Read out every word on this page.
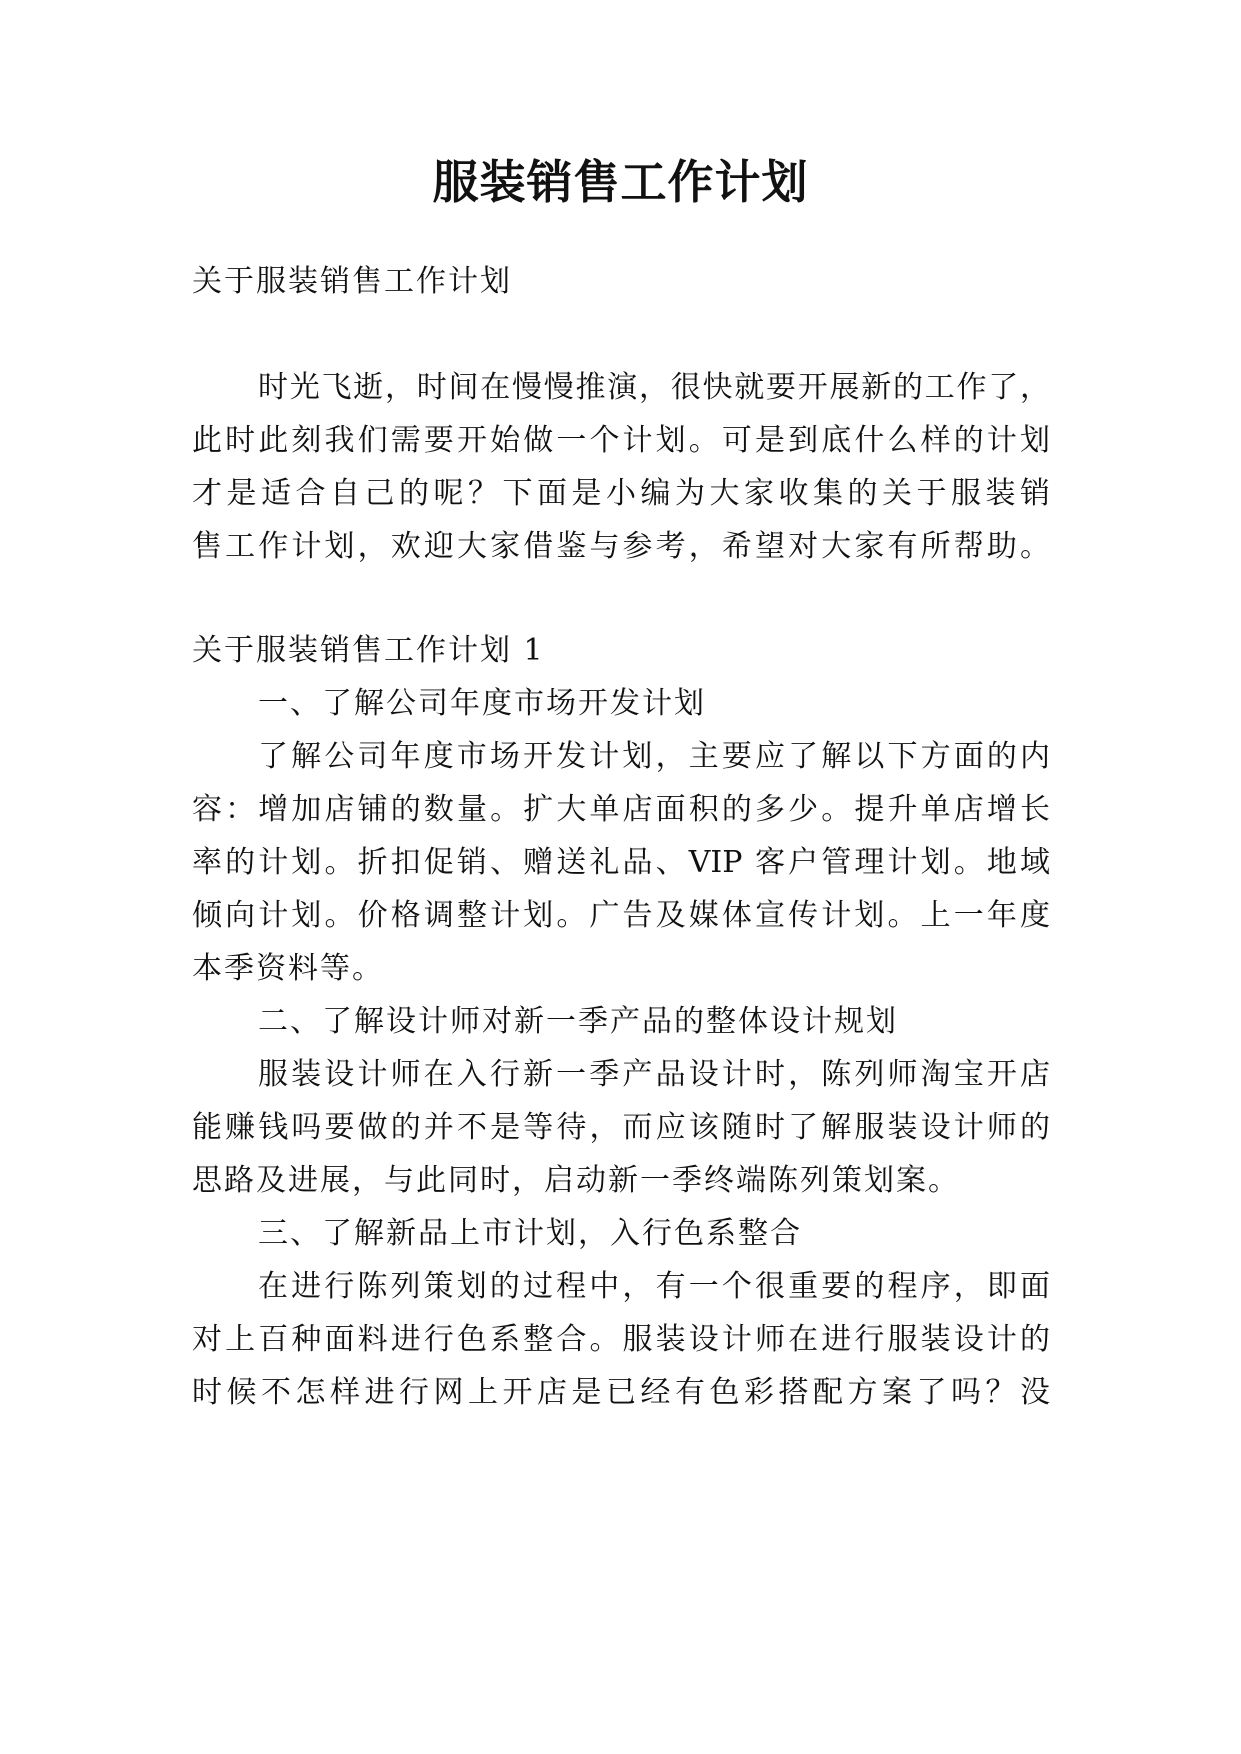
服装销售工作计划

关于服装销售工作计划

时光飞逝，时间在慢慢推演，很快就要开展新的工作了，

此时此刻我们需要开始做一个计划。可是到底什么样的计划

才是适合自己的呢？下面是小编为大家收集的关于服装销

售工作计划，欢迎大家借鉴与参考，希望对大家有所帮助。

关于服装销售工作计划 1

一、了解公司年度市场开发计划

了解公司年度市场开发计划，主要应了解以下方面的内

容：增加店铺的数量。扩大单店面积的多少。提升单店增长

率的计划。折扣促销、赠送礼品、VIP 客户管理计划。地域

倾向计划。价格调整计划。广告及媒体宣传计划。上一年度

本季资料等。

二、了解设计师对新一季产品的整体设计规划

服装设计师在入行新一季产品设计时，陈列师淘宝开店

能赚钱吗要做的并不是等待，而应该随时了解服装设计师的

思路及进展，与此同时，启动新一季终端陈列策划案。

三、了解新品上市计划，入行色系整合

在进行陈列策划的过程中，有一个很重要的程序，即面

对上百种面料进行色系整合。服装设计师在进行服装设计的

时候不怎样进行网上开店是已经有色彩搭配方案了吗？没
